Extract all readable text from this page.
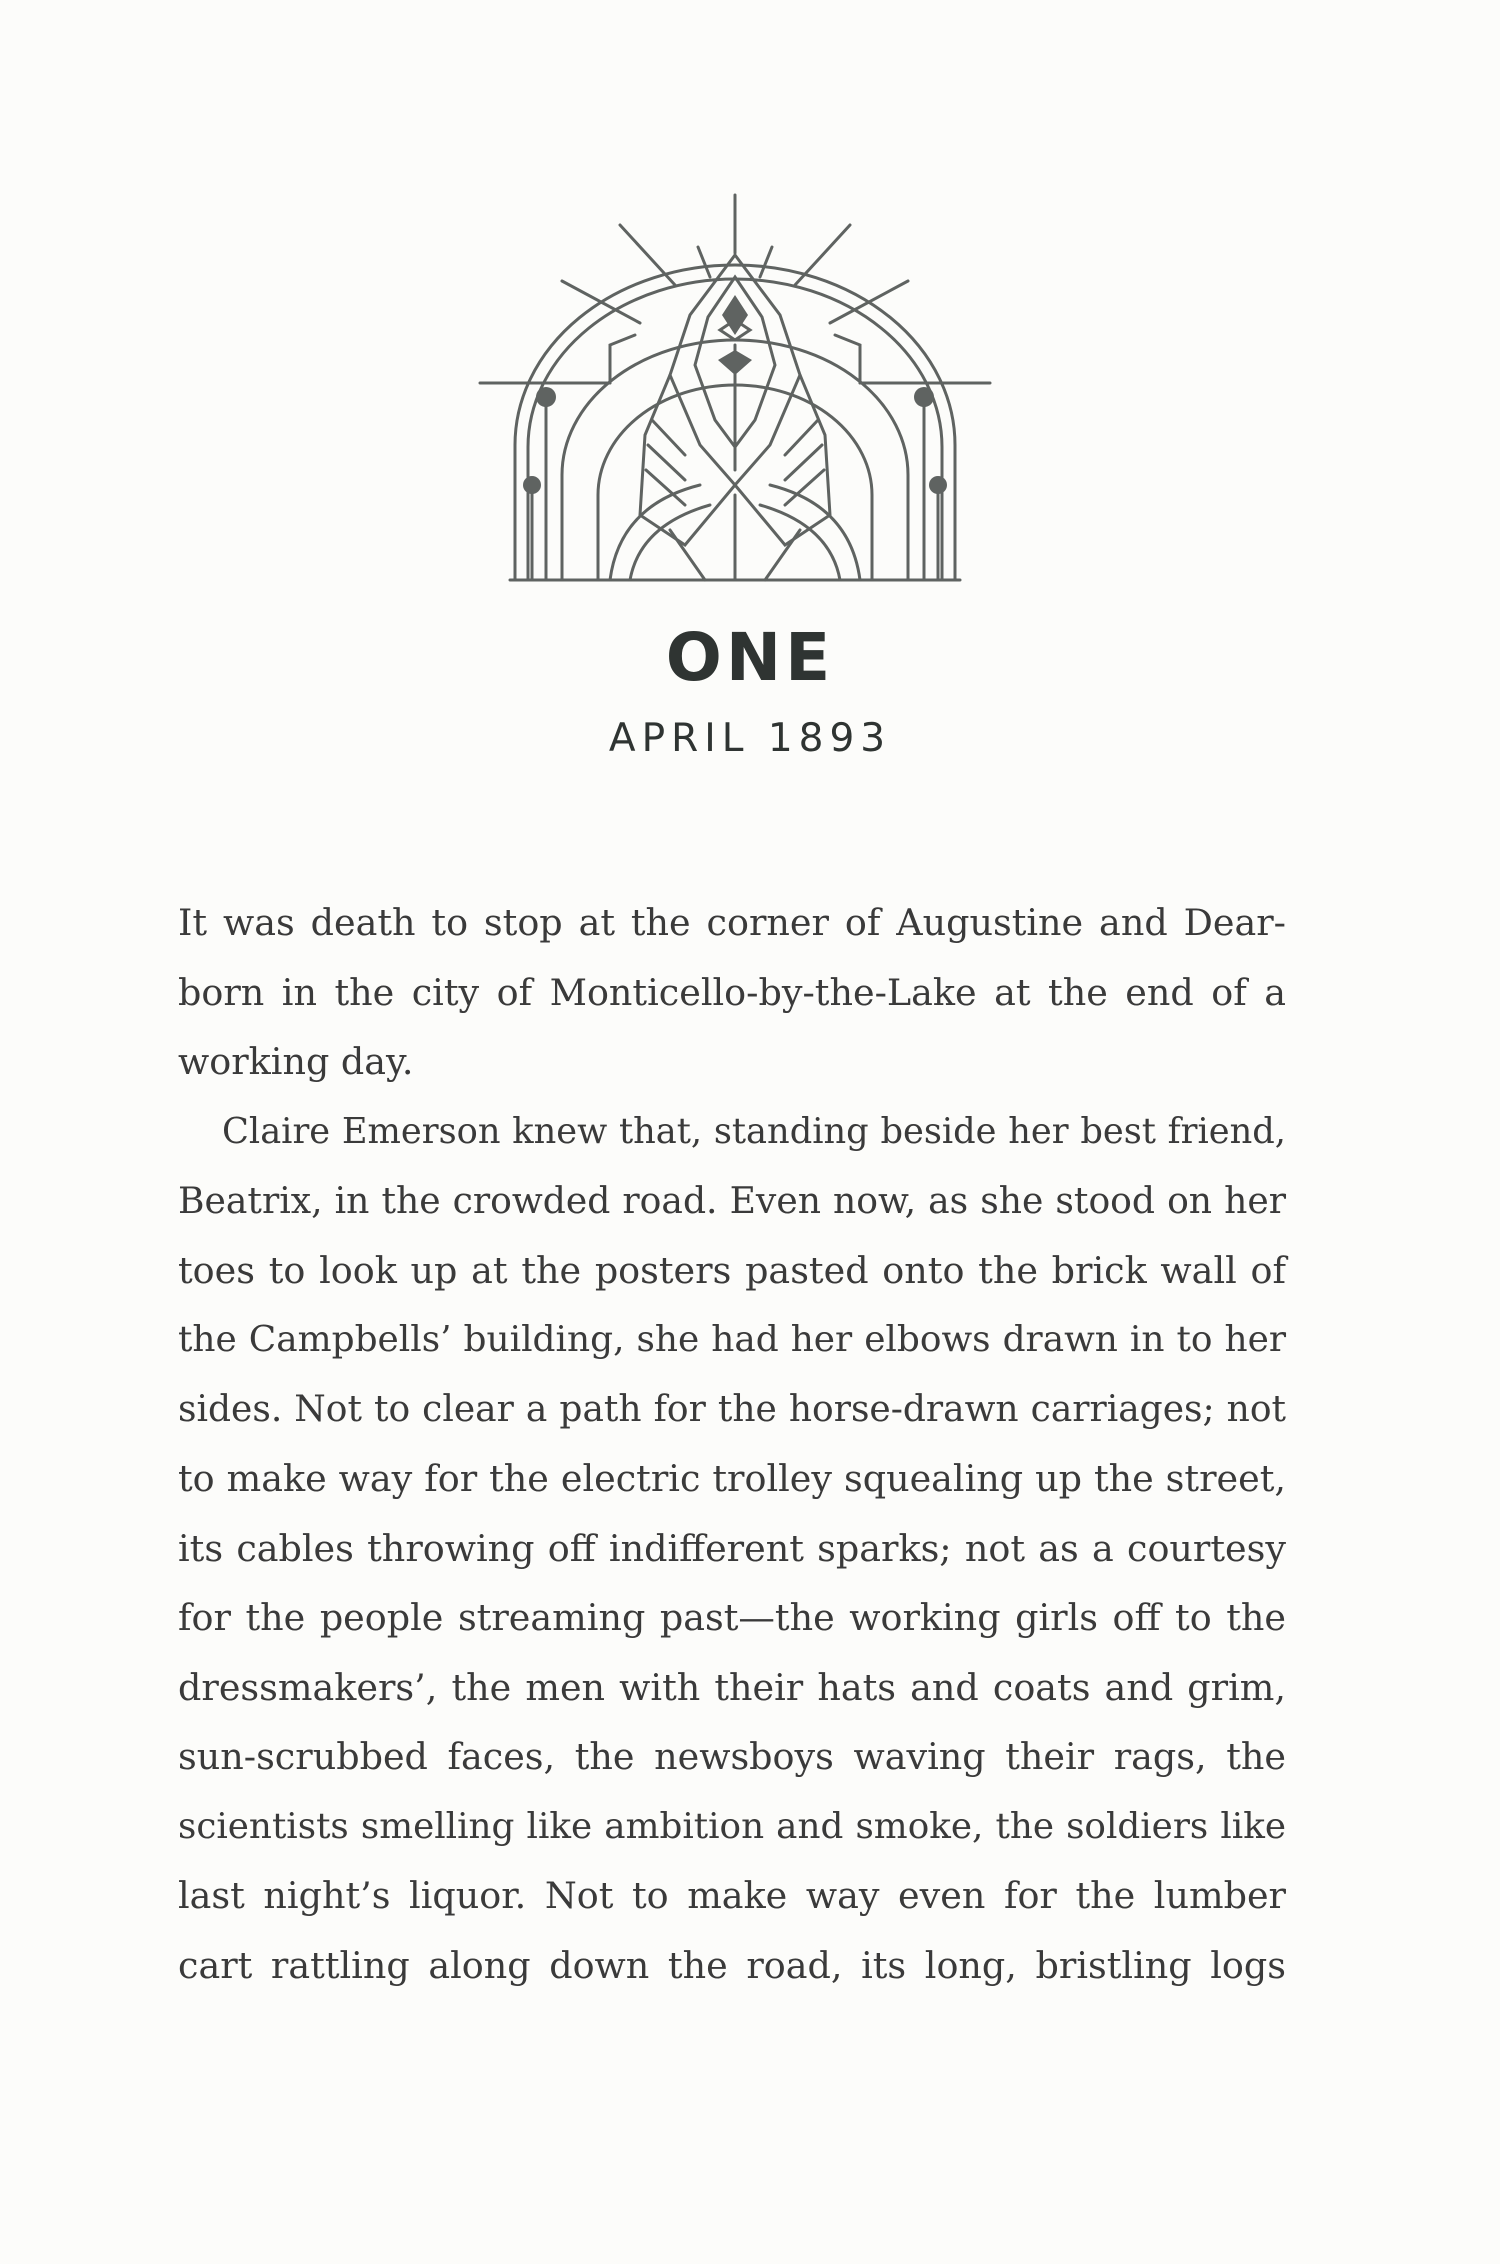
ONE
APRIL 1893

It was death to stop at the corner of Augustine and Dear-
born in the city of Monticello-by-the-Lake at the end of a
working day.

Claire Emerson knew that, standing beside her best friend,
Beatrix, in the crowded road. Even now, as she stood on her
toes to look up at the posters pasted onto the brick wall of
the Campbells’ building, she had her elbows drawn in to her
sides. Not to clear a path for the horse-drawn carriages; not
to make way for the electric trolley squealing up the street,
its cables throwing off indifferent sparks; not as a courtesy
for the people streaming past—the working girls off to the
dressmakers’, the men with their hats and coats and grim,
sun-scrubbed faces, the newsboys waving their rags, the
scientists smelling like ambition and smoke, the soldiers like
last night’s liquor. Not to make way even for the lumber
cart rattling along down the road, its long, bristling logs
